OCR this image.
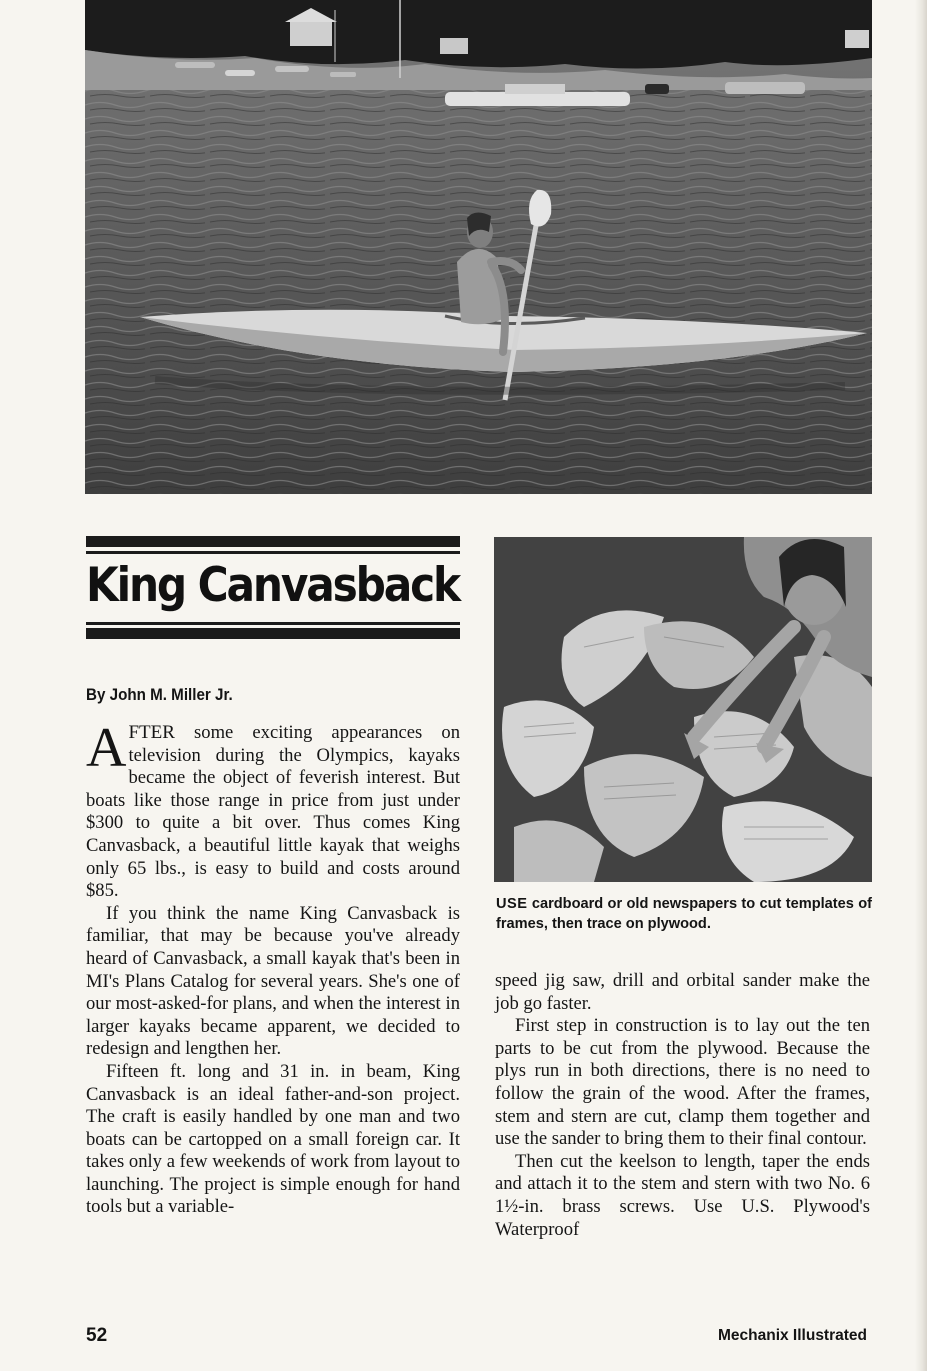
King Canvasback
By John M. Miller Jr.

AFTER some exciting appearances on television during the Olympics, kayaks became the object of feverish interest. But boats like those range in price from just under $300 to quite a bit over. Thus comes King Canvasback, a beautiful little kayak that weighs only 65 lbs., is easy to build and costs around $85.

If you think the name King Canvasback is familiar, that may be because you've already heard of Canvasback, a small kayak that's been in MI's Plans Catalog for several years. She's one of our most-asked-for plans, and when the interest in larger kayaks became apparent, we decided to redesign and lengthen her.

Fifteen ft. long and 31 in. in beam, King Canvasback is an ideal father-and-son project. The craft is easily handled by one man and two boats can be cartopped on a small foreign car. It takes only a few weekends of work from layout to launching. The project is simple enough for hand tools but a variable-

USE cardboard or old newspapers to cut templates of frames, then trace on plywood.

speed jig saw, drill and orbital sander make the job go faster.

First step in construction is to lay out the ten parts to be cut from the plywood. Because the plys run in both directions, there is no need to follow the grain of the wood. After the frames, stem and stern are cut, clamp them together and use the sander to bring them to their final contour.

Then cut the keelson to length, taper the ends and attach it to the stem and stern with two No. 6 1½-in. brass screws. Use U.S. Plywood's Waterproof

52	Mechanix Illustrated
